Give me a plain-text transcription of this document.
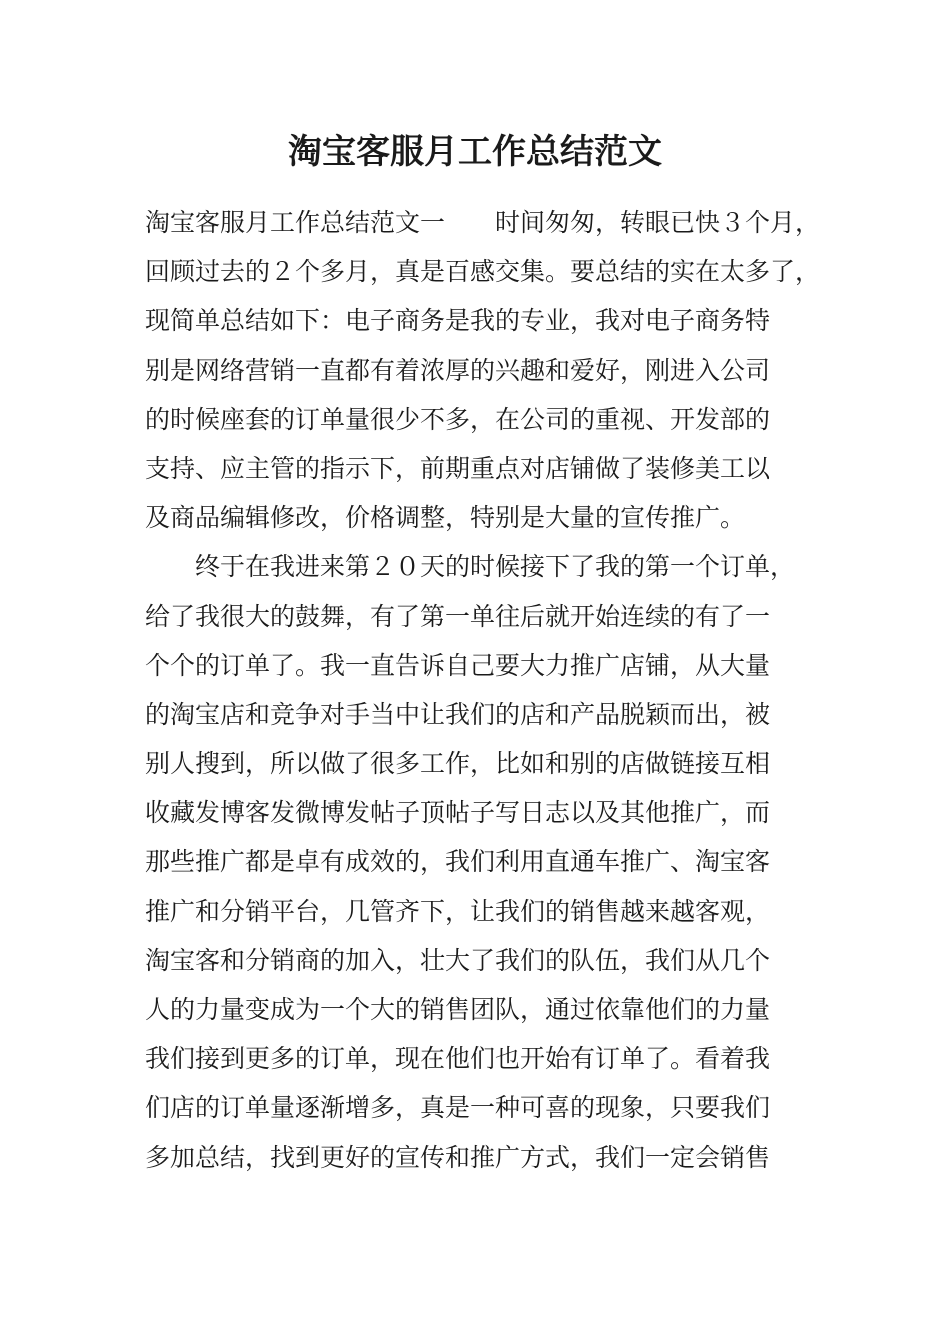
淘宝客服月工作总结范文
淘宝客服月工作总结范文一　　时间匆匆，转眼已快３个月，
回顾过去的２个多月，真是百感交集。要总结的实在太多了，
现简单总结如下：电子商务是我的专业，我对电子商务特
别是网络营销一直都有着浓厚的兴趣和爱好，刚进入公司
的时候座套的订单量很少不多，在公司的重视、开发部的
支持、应主管的指示下，前期重点对店铺做了装修美工以
及商品编辑修改，价格调整，特别是大量的宣传推广。
终于在我进来第２０天的时候接下了我的第一个订单，
给了我很大的鼓舞，有了第一单往后就开始连续的有了一
个个的订单了。我一直告诉自己要大力推广店铺，从大量
的淘宝店和竞争对手当中让我们的店和产品脱颖而出，被
别人搜到，所以做了很多工作，比如和别的店做链接互相
收藏发博客发微博发帖子顶帖子写日志以及其他推广，而
那些推广都是卓有成效的，我们利用直通车推广、淘宝客
推广和分销平台，几管齐下，让我们的销售越来越客观，
淘宝客和分销商的加入，壮大了我们的队伍，我们从几个
人的力量变成为一个大的销售团队，通过依靠他们的力量
我们接到更多的订单，现在他们也开始有订单了。看着我
们店的订单量逐渐增多，真是一种可喜的现象，只要我们
多加总结，找到更好的宣传和推广方式，我们一定会销售
